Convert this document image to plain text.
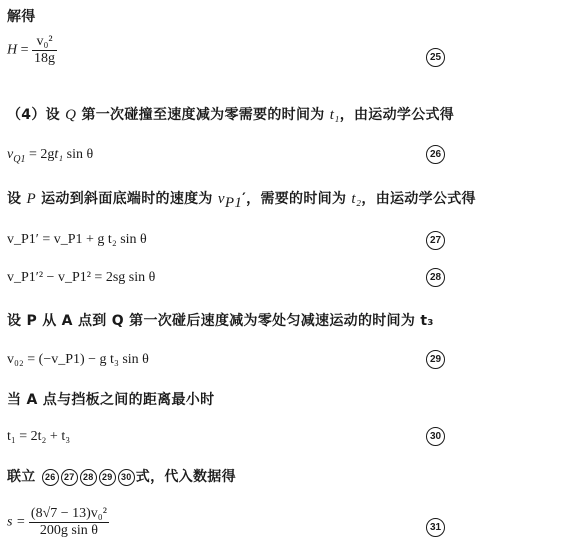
解得
$H = \frac{\text{v₀²}}{18g}$	25
（4）设 Q 第一次碰撞至速度减为零需要的时间为 t₁，由运动学公式得
$v_{Q1} = 2gt_1$ sin θ	26
设 P 运动到斜面底端时的速度为 $v_{P1}'$，需要的时间为 t₂，由运动学公式得
v_P1′ = v_P1 + g t₂ sin θ	27
v_P1′² − v_P1² = 2sg sin θ	28
设 P 从 A 点到 Q 第一次碰后速度减为零处匀减速运动的时间为 t₃
v₀₂ = (−v_P1) − g t₃ sin θ	29
当 A 点与挡板之间的距离最小时
t₁ = 2t₂ + t₃	30
联立 26 27 28 29 30 式，代入数据得
$s = \frac{\text{(8√7 − 13)v₀²}}{\text{200g sin θ}}$	31
